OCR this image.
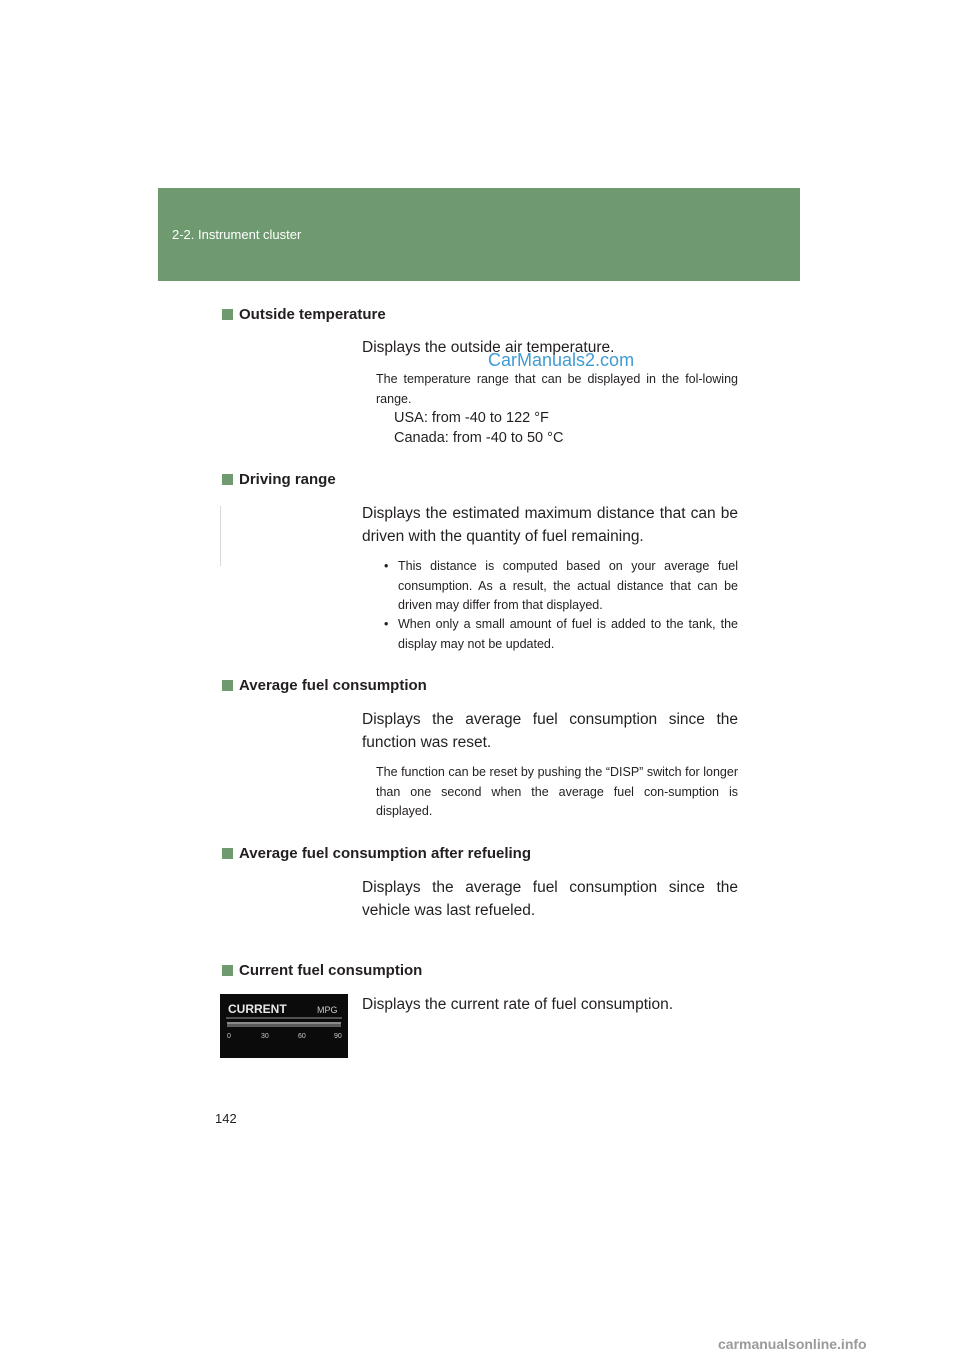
2-2. Instrument cluster
Outside temperature
Displays the outside air temperature.
CarManuals2.com
The temperature range that can be displayed in the fol-lowing range.
USA: from -40 to 122 °F
Canada: from -40 to 50 °C
Driving range
Displays the estimated maximum distance that can be driven with the quantity of fuel remaining.
• This distance is computed based on your average fuel consumption. As a result, the actual distance that can be driven may differ from that displayed.
• When only a small amount of fuel is added to the tank, the display may not be updated.
Average fuel consumption
Displays the average fuel consumption since the function was reset.
The function can be reset by pushing the “DISP” switch for longer than one second when the average fuel con-sumption is displayed.
Average fuel consumption after refueling
Displays the average fuel consumption since the vehicle was last refueled.
Current fuel consumption
Displays the current rate of fuel consumption.
CURRENT	MPG
0	30	60	90
142
carmanualsonline.info
